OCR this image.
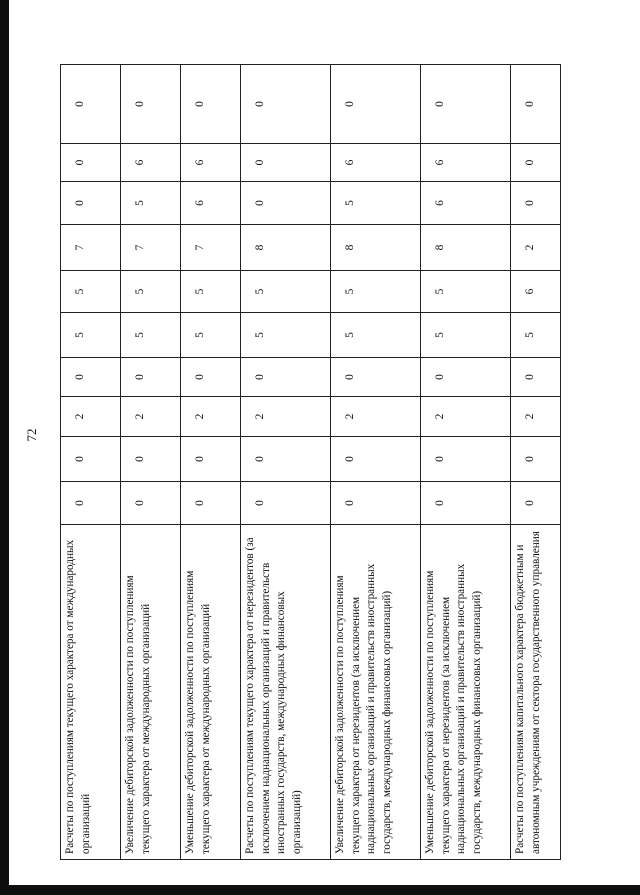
72
Расчеты по поступлениям текущего характера от международных организаций	0	0	2	0	5	5	7	0	0	0
Увеличение дебиторской задолженности по поступлениям текущего характера от международных организаций	0	0	2	0	5	5	7	5	6	0
Уменьшение дебиторской задолженности по поступлениям текущего характера от международных организаций	0	0	2	0	5	5	7	6	6	0
Расчеты по поступлениям текущего характера от нерезидентов (за исключением наднациональных организаций и правительств иностранных государств, международных финансовых организаций)	0	0	2	0	5	5	8	0	0	0
Увеличение дебиторской задолженности по поступлениям текущего характера от нерезидентов (за исключением наднациональных организаций и правительств иностранных государств, международных финансовых организаций)	0	0	2	0	5	5	8	5	6	0
Уменьшение дебиторской задолженности по поступлениям текущего характера от нерезидентов (за исключением наднациональных организаций и правительств иностранных государств, международных финансовых организаций)	0	0	2	0	5	5	8	6	6	0
Расчеты по поступлениям капитального характера бюджетным и автономным учреждениям от сектора государственного управления	0	0	2	0	5	6	2	0	0	0
